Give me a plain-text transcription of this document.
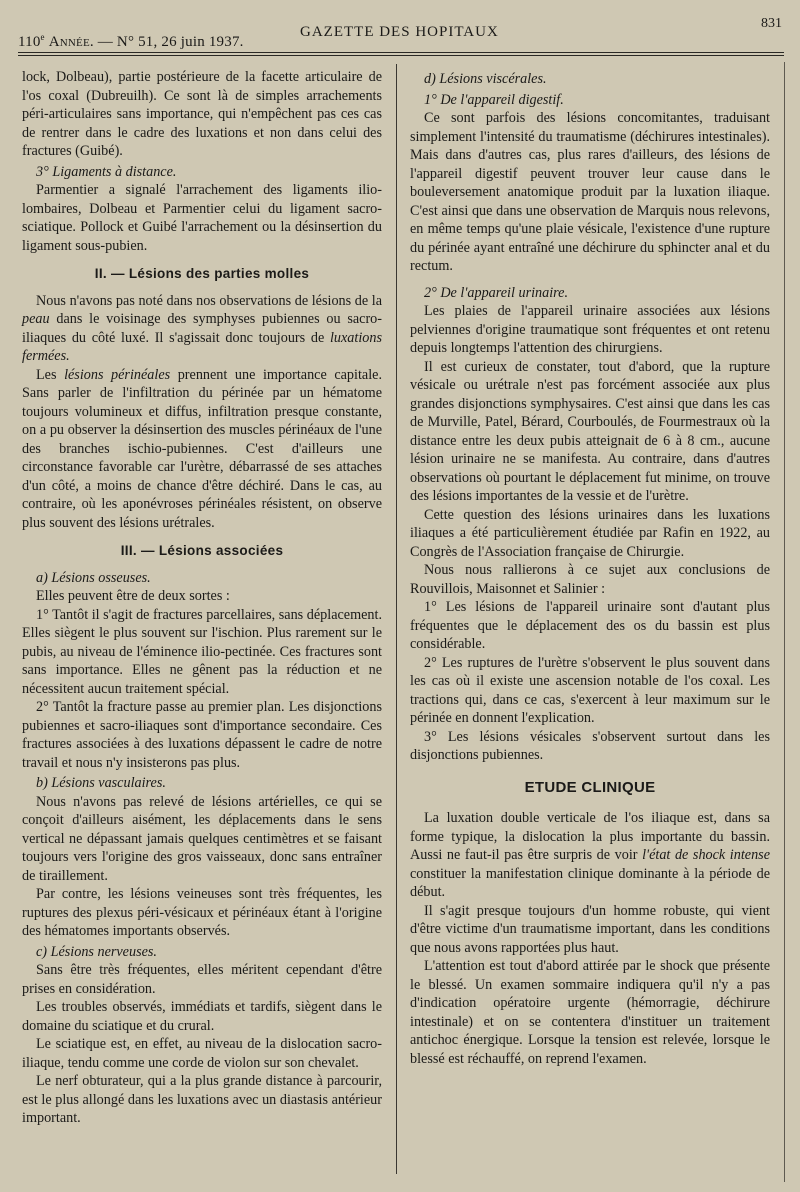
110e Année. — N° 51, 26 juin 1937.
GAZETTE DES HOPITAUX
831

lock, Dolbeau), partie postérieure de la facette articulaire de l'os coxal (Dubreuilh). Ce sont là de simples arrachements péri-articulaires sans importance, qui n'empêchent pas ces cas de rentrer dans le cadre des luxations et non dans celui des fractures (Guibé).

3° Ligaments à distance.

Parmentier a signalé l'arrachement des ligaments ilio-lombaires, Dolbeau et Parmentier celui du ligament sacro-sciatique. Pollock et Guibé l'arrachement ou la désinsertion du ligament sous-pubien.

II. — Lésions des parties molles

Nous n'avons pas noté dans nos observations de lésions de la peau dans le voisinage des symphyses pubiennes ou sacro-iliaques du côté luxé. Il s'agissait donc toujours de luxations fermées.

Les lésions périnéales prennent une importance capitale. Sans parler de l'infiltration du périnée par un hématome toujours volumineux et diffus, infiltration presque constante, on a pu observer la désinsertion des muscles périnéaux de l'une des branches ischio-pubiennes. C'est d'ailleurs une circonstance favorable car l'urètre, débarrassé de ses attaches d'un côté, a moins de chance d'être déchiré. Dans le cas, au contraire, où les aponévroses périnéales résistent, on observe plus souvent des lésions urétrales.

III. — Lésions associées

a) Lésions osseuses.

Elles peuvent être de deux sortes :

1° Tantôt il s'agit de fractures parcellaires, sans déplacement. Elles siègent le plus souvent sur l'ischion. Plus rarement sur le pubis, au niveau de l'éminence ilio-pectinée. Ces fractures sont sans importance. Elles ne gênent pas la réduction et ne nécessitent aucun traitement spécial.

2° Tantôt la fracture passe au premier plan. Les disjonctions pubiennes et sacro-iliaques sont d'importance secondaire. Ces fractures associées à des luxations dépassent le cadre de notre travail et nous n'y insisterons pas plus.

b) Lésions vasculaires.

Nous n'avons pas relevé de lésions artérielles, ce qui se conçoit d'ailleurs aisément, les déplacements dans le sens vertical ne dépassant jamais quelques centimètres et se faisant toujours vers l'origine des gros vaisseaux, donc sans entraîner de tiraillement.

Par contre, les lésions veineuses sont très fréquentes, les ruptures des plexus péri-vésicaux et périnéaux étant à l'origine des hématomes importants observés.

c) Lésions nerveuses.

Sans être très fréquentes, elles méritent cependant d'être prises en considération.

Les troubles observés, immédiats et tardifs, siègent dans le domaine du sciatique et du crural.

Le sciatique est, en effet, au niveau de la dislocation sacro-iliaque, tendu comme une corde de violon sur son chevalet.

Le nerf obturateur, qui a la plus grande distance à parcourir, est le plus allongé dans les luxations avec un diastasis antérieur important.

d) Lésions viscérales.

1° De l'appareil digestif.

Ce sont parfois des lésions concomitantes, traduisant simplement l'intensité du traumatisme (déchirures intestinales). Mais dans d'autres cas, plus rares d'ailleurs, des lésions de l'appareil digestif peuvent trouver leur cause dans le bouleversement anatomique produit par la luxation iliaque. C'est ainsi que dans une observation de Marquis nous relevons, en même temps qu'une plaie vésicale, l'existence d'une rupture du périnée ayant entraîné une déchirure du sphincter anal et du rectum.

2° De l'appareil urinaire.

Les plaies de l'appareil urinaire associées aux lésions pelviennes d'origine traumatique sont fréquentes et ont retenu depuis longtemps l'attention des chirurgiens.

Il est curieux de constater, tout d'abord, que la rupture vésicale ou urétrale n'est pas forcément associée aux plus grandes disjonctions symphysaires. C'est ainsi que dans les cas de Murville, Patel, Bérard, Courboulés, de Fourmestraux où la distance entre les deux pubis atteignait de 6 à 8 cm., aucune lésion urinaire ne se manifesta. Au contraire, dans d'autres observations où pourtant le déplacement fut minime, on trouve des lésions importantes de la vessie et de l'urètre.

Cette question des lésions urinaires dans les luxations iliaques a été particulièrement étudiée par Rafin en 1922, au Congrès de l'Association française de Chirurgie.

Nous nous rallierons à ce sujet aux conclusions de Rouvillois, Maisonnet et Salinier :

1° Les lésions de l'appareil urinaire sont d'autant plus fréquentes que le déplacement des os du bassin est plus considérable.

2° Les ruptures de l'urètre s'observent le plus souvent dans les cas où il existe une ascension notable de l'os coxal. Les tractions qui, dans ce cas, s'exercent à leur maximum sur le périnée en donnent l'explication.

3° Les lésions vésicales s'observent surtout dans les disjonctions pubiennes.

ETUDE CLINIQUE

La luxation double verticale de l'os iliaque est, dans sa forme typique, la dislocation la plus importante du bassin. Aussi ne faut-il pas être surpris de voir l'état de shock intense constituer la manifestation clinique dominante à la période de début.

Il s'agit presque toujours d'un homme robuste, qui vient d'être victime d'un traumatisme important, dans les conditions que nous avons rapportées plus haut.

L'attention est tout d'abord attirée par le shock que présente le blessé. Un examen sommaire indiquera qu'il n'y a pas d'indication opératoire urgente (hémorragie, déchirure intestinale) et on se contentera d'instituer un traitement antichoc énergique. Lorsque la tension est relevée, lorsque le blessé est réchauffé, on reprend l'examen.
